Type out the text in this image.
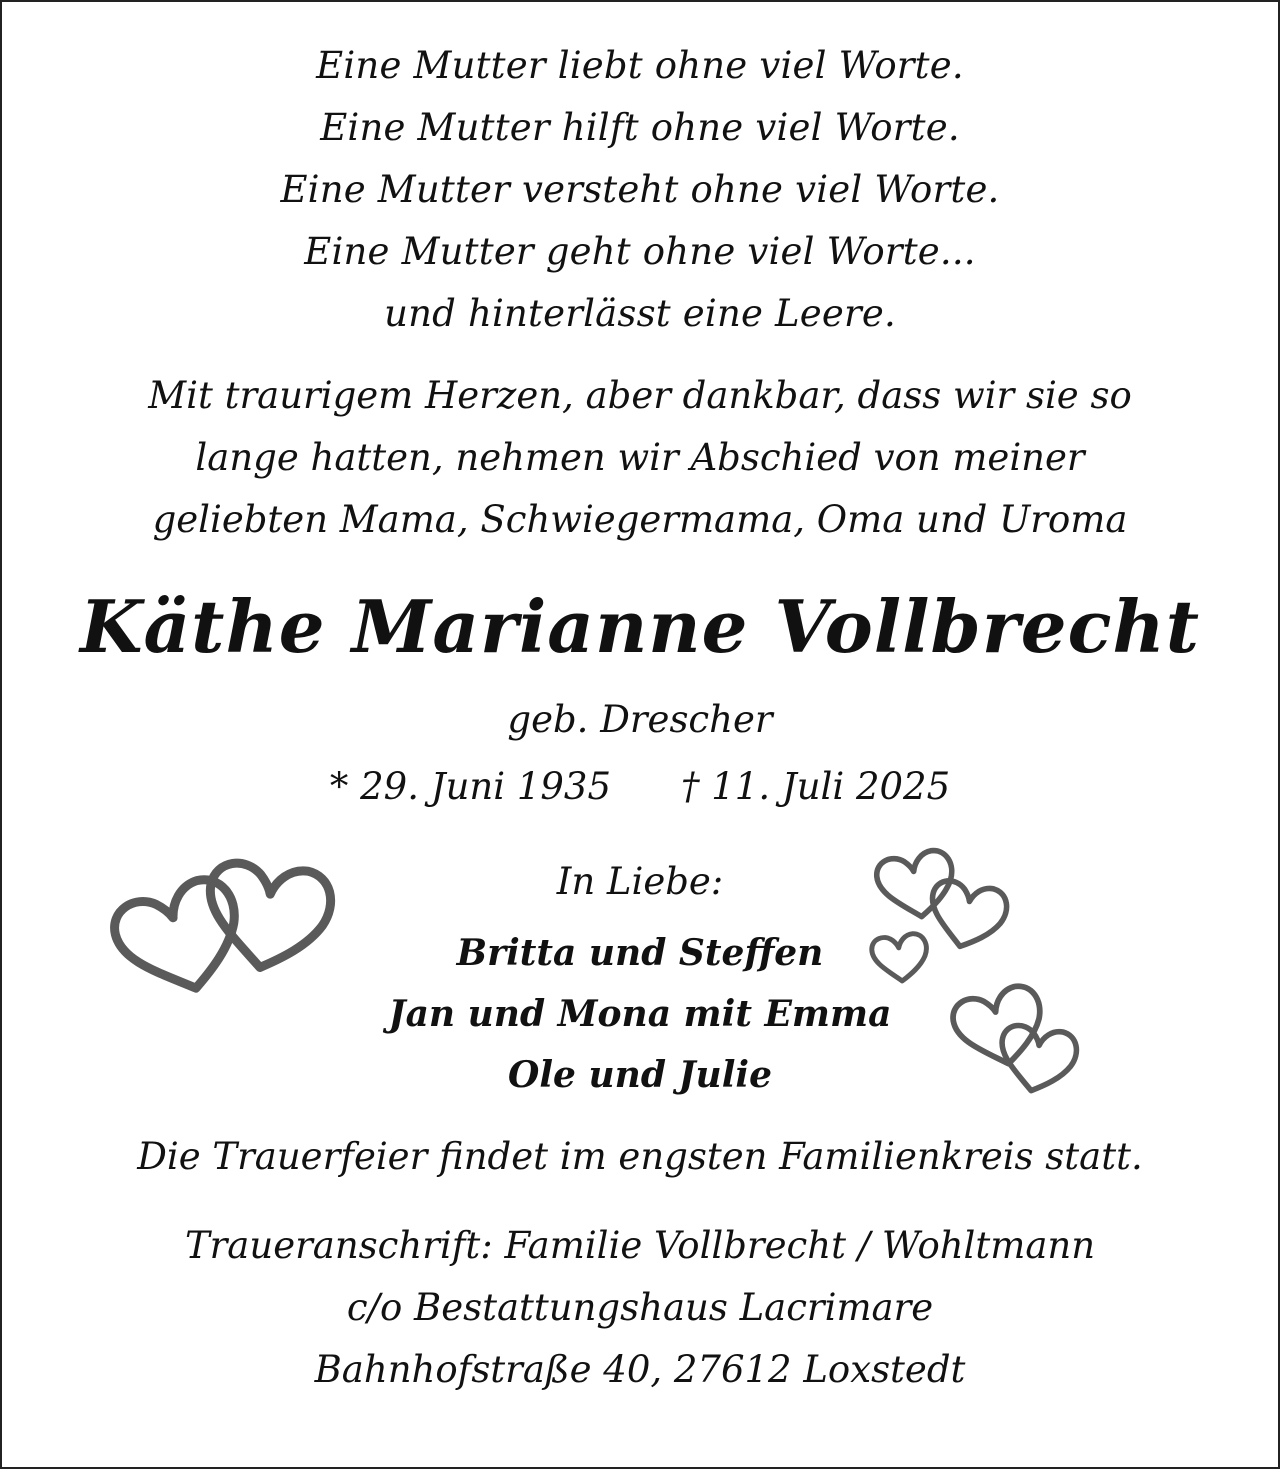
Eine Mutter liebt ohne viel Worte.
Eine Mutter hilft ohne viel Worte.
Eine Mutter versteht ohne viel Worte.
Eine Mutter geht ohne viel Worte...
und hinterlässt eine Leere.
Mit traurigem Herzen, aber dankbar, dass wir sie so
lange hatten, nehmen wir Abschied von meiner
geliebten Mama, Schwiegermama, Oma und Uroma
Käthe Marianne Vollbrecht
geb. Drescher
* 29. Juni 1935 † 11. Juli 2025
In Liebe:
Britta und Steffen
Jan und Mona mit Emma
Ole und Julie
Die Trauerfeier findet im engsten Familienkreis statt.
Traueranschrift: Familie Vollbrecht / Wohltmann
c/o Bestattungshaus Lacrimare
Bahnhofstraße 40, 27612 Loxstedt
